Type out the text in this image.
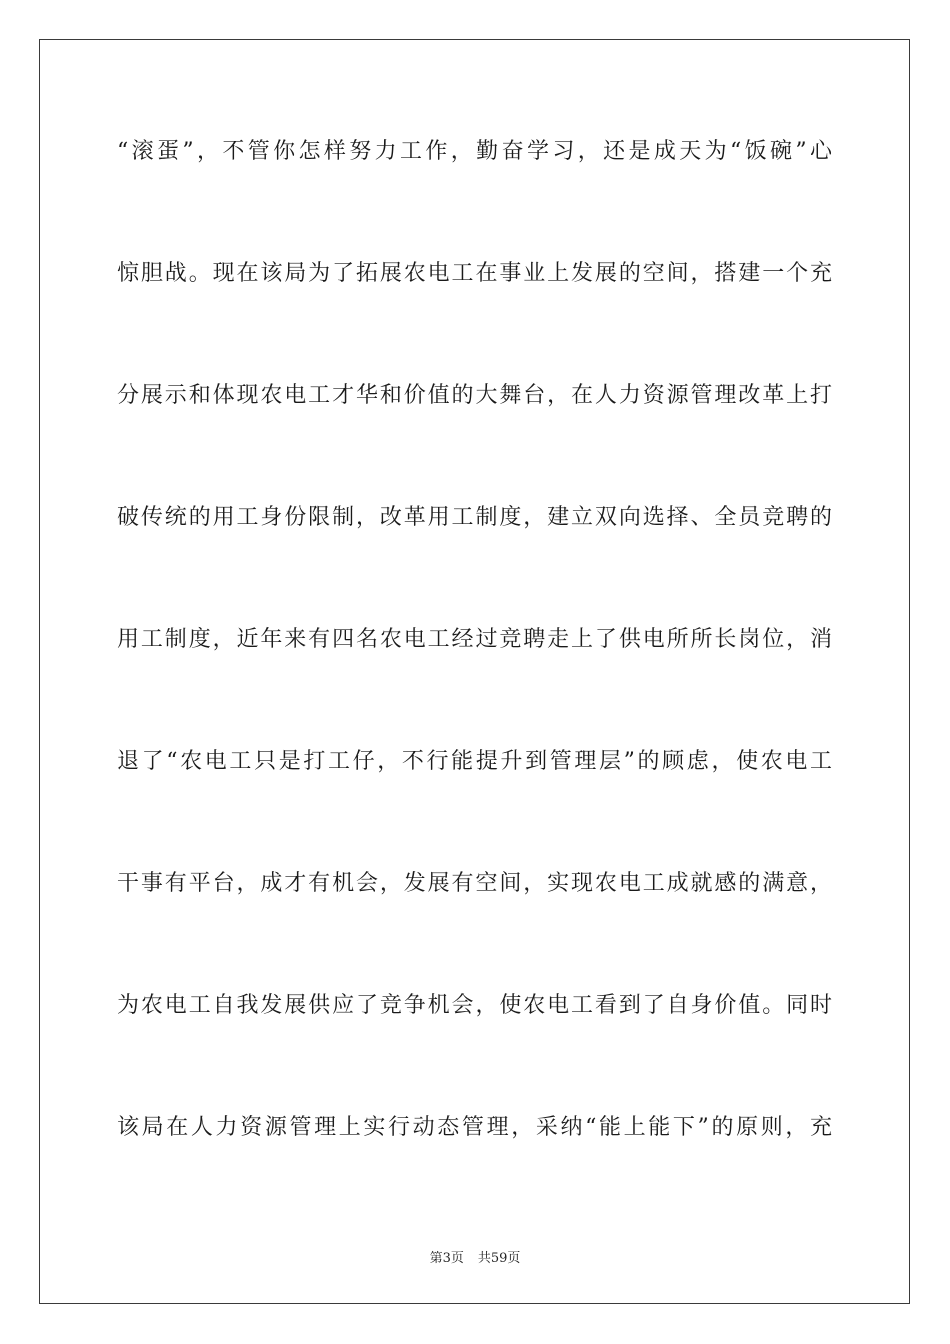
“滚蛋”，不管你怎样努力工作，勤奋学习，还是成天为“饭碗”心
惊胆战。现在该局为了拓展农电工在事业上发展的空间，搭建一个充
分展示和体现农电工才华和价值的大舞台，在人力资源管理改革上打
破传统的用工身份限制，改革用工制度，建立双向选择、全员竞聘的
用工制度，近年来有四名农电工经过竞聘走上了供电所所长岗位，消
退了“农电工只是打工仔，不行能提升到管理层”的顾虑，使农电工
干事有平台，成才有机会，发展有空间，实现农电工成就感的满意，
为农电工自我发展供应了竞争机会，使农电工看到了自身价值。同时
该局在人力资源管理上实行动态管理，采纳“能上能下”的原则，充
第3页 共59页
